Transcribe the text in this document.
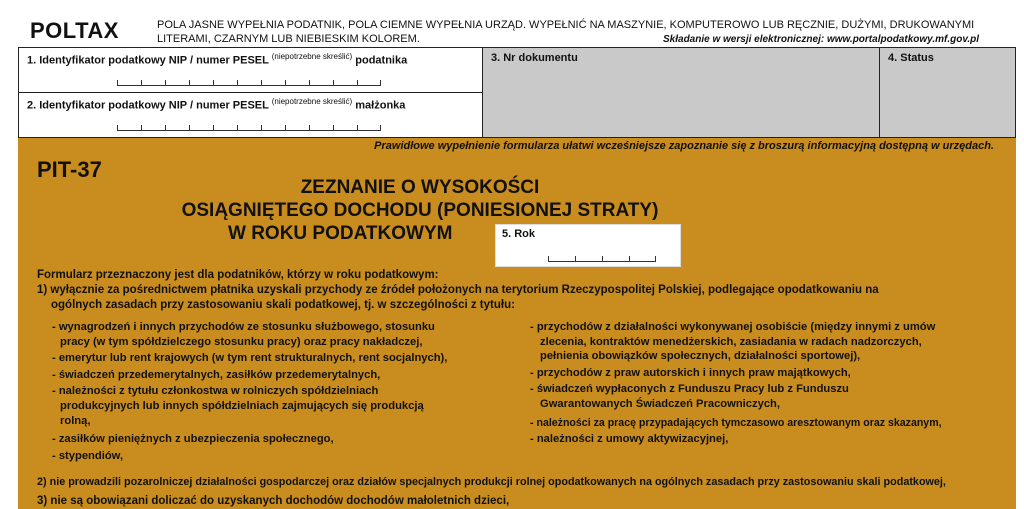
POLTAX	POLA JASNE WYPEŁNIA PODATNIK, POLA CIEMNE WYPEŁNIA URZĄD. WYPEŁNIĆ NA MASZYNIE, KOMPUTEROWO LUB RĘCZNIE, DUŻYMI, DRUKOWANYMI
LITERAMI, CZARNYM LUB NIEBIESKIM KOLOREM.	Składanie w wersji elektronicznej: www.portalpodatkowy.mf.gov.pl
1. Identyfikator podatkowy NIP / numer PESEL $^{(niepotrzebne skreślić)}$ podatnika
2. Identyfikator podatkowy NIP / numer PESEL $^{(niepotrzebne skreślić)}$ małżonka
3. Nr dokumentu	4. Status
Prawidłowe wypełnienie formularza ułatwi wcześniejsze zapoznanie się z broszurą informacyjną dostępną w urzędach.
PIT-37
ZEZNANIE O WYSOKOŚCI
OSIĄGNIĘTEGO DOCHODU (PONIESIONEJ STRATY)
W ROKU PODATKOWYM	5. Rok
Formularz przeznaczony jest dla podatników, którzy w roku podatkowym:
1) wyłącznie za pośrednictwem płatnika uzyskali przychody ze źródeł położonych na terytorium Rzeczypospolitej Polskiej, podlegające opodatkowaniu na
ogólnych zasadach przy zastosowaniu skali podatkowej, tj. w szczególności z tytułu:
- wynagrodzeń i innych przychodów ze stosunku służbowego, stosunku
pracy (w tym spółdzielczego stosunku pracy) oraz pracy nakładczej,
- emerytur lub rent krajowych (w tym rent strukturalnych, rent socjalnych),
- świadczeń przedemerytalnych, zasiłków przedemerytalnych,
- należności z tytułu członkostwa w rolniczych spółdzielniach
produkcyjnych lub innych spółdzielniach zajmujących się produkcją
rolną,
- zasiłków pieniężnych z ubezpieczenia społecznego,
- stypendiów,
- przychodów z działalności wykonywanej osobiście (między innymi z umów
zlecenia, kontraktów menedżerskich, zasiadania w radach nadzorczych,
pełnienia obowiązków społecznych, działalności sportowej),
- przychodów z praw autorskich i innych praw majątkowych,
- świadczeń wypłaconych z Funduszu Pracy lub z Funduszu
Gwarantowanych Świadczeń Pracowniczych,
- należności za pracę przypadających tymczasowo aresztowanym oraz skazanym,
- należności z umowy aktywizacyjnej,
2) nie prowadzili pozarolniczej działalności gospodarczej oraz działów specjalnych produkcji rolnej opodatkowanych na ogólnych zasadach przy zastosowaniu skali podatkowej,
3) nie są obowiązani doliczać do uzyskanych dochodów dochodów małoletnich dzieci,
